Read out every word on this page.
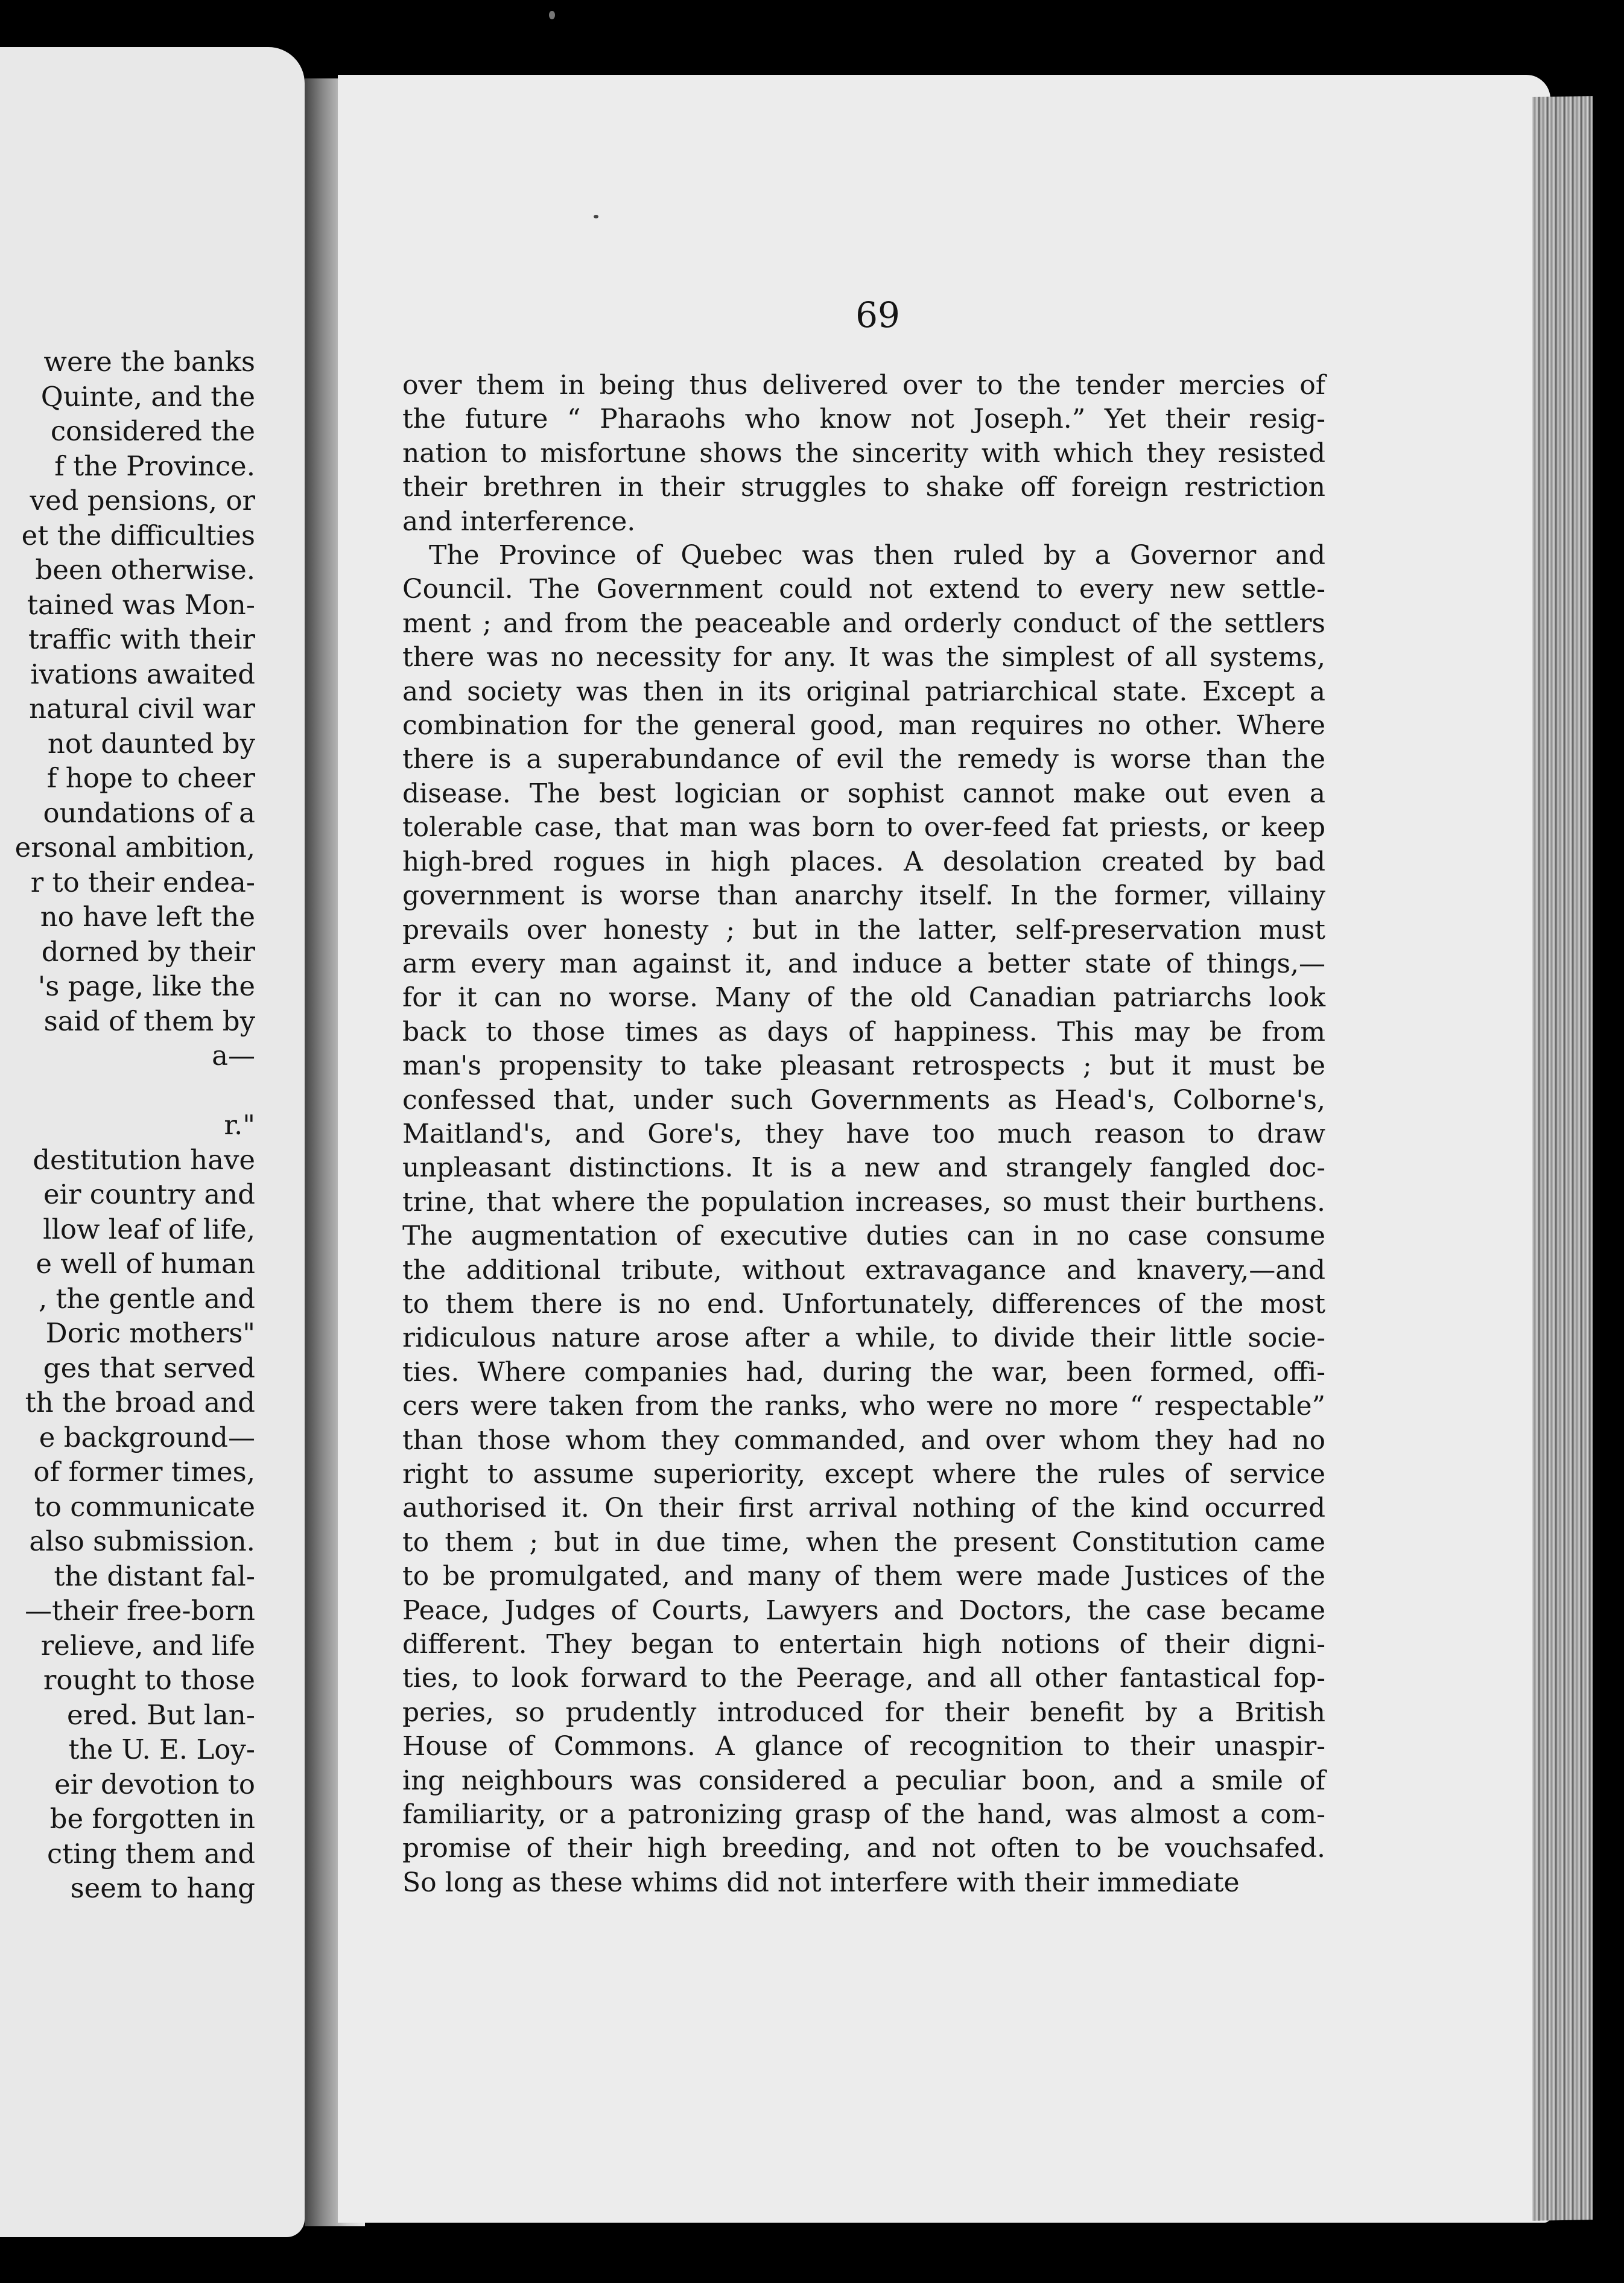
were the banks
Quinte, and the
considered the
f the Province.
ved pensions, or
et the difficulties
been otherwise.
tained was Mon-
traffic with their
ivations awaited
natural civil war
not daunted by
f hope to cheer
oundations of a
ersonal ambition,
r to their endea-
no have left the
dorned by their
's page, like the
said of them by
a—

r."
destitution have
eir country and
llow leaf of life,
e well of human
, the gentle and
Doric mothers"
ges that served
th the broad and
e background—
of former times,
to communicate
also submission.
the distant fal-
—their free-born
relieve, and life
rought to those
ered. But lan-
the U. E. Loy-
eir devotion to
be forgotten in
cting them and
seem to hang
69
over them in being thus delivered over to the tender mercies of
the future “ Pharaohs who know not Joseph.” Yet their resig-
nation to misfortune shows the sincerity with which they resisted
their brethren in their struggles to shake off foreign restriction
and interference.
The Province of Quebec was then ruled by a Governor and
Council. The Government could not extend to every new settle-
ment ; and from the peaceable and orderly conduct of the settlers
there was no necessity for any. It was the simplest of all systems,
and society was then in its original patriarchical state. Except a
combination for the general good, man requires no other. Where
there is a superabundance of evil the remedy is worse than the
disease. The best logician or sophist cannot make out even a
tolerable case, that man was born to over-feed fat priests, or keep
high-bred rogues in high places. A desolation created by bad
government is worse than anarchy itself. In the former, villainy
prevails over honesty ; but in the latter, self-preservation must
arm every man against it, and induce a better state of things,—
for it can no worse. Many of the old Canadian patriarchs look
back to those times as days of happiness. This may be from
man's propensity to take pleasant retrospects ; but it must be
confessed that, under such Governments as Head's, Colborne's,
Maitland's, and Gore's, they have too much reason to draw
unpleasant distinctions. It is a new and strangely fangled doc-
trine, that where the population increases, so must their burthens.
The augmentation of executive duties can in no case consume
the additional tribute, without extravagance and knavery,—and
to them there is no end. Unfortunately, differences of the most
ridiculous nature arose after a while, to divide their little socie-
ties. Where companies had, during the war, been formed, offi-
cers were taken from the ranks, who were no more “ respectable”
than those whom they commanded, and over whom they had no
right to assume superiority, except where the rules of service
authorised it. On their first arrival nothing of the kind occurred
to them ; but in due time, when the present Constitution came
to be promulgated, and many of them were made Justices of the
Peace, Judges of Courts, Lawyers and Doctors, the case became
different. They began to entertain high notions of their digni-
ties, to look forward to the Peerage, and all other fantastical fop-
peries, so prudently introduced for their benefit by a British
House of Commons. A glance of recognition to their unaspir-
ing neighbours was considered a peculiar boon, and a smile of
familiarity, or a patronizing grasp of the hand, was almost a com-
promise of their high breeding, and not often to be vouchsafed.
So long as these whims did not interfere with their immediate
